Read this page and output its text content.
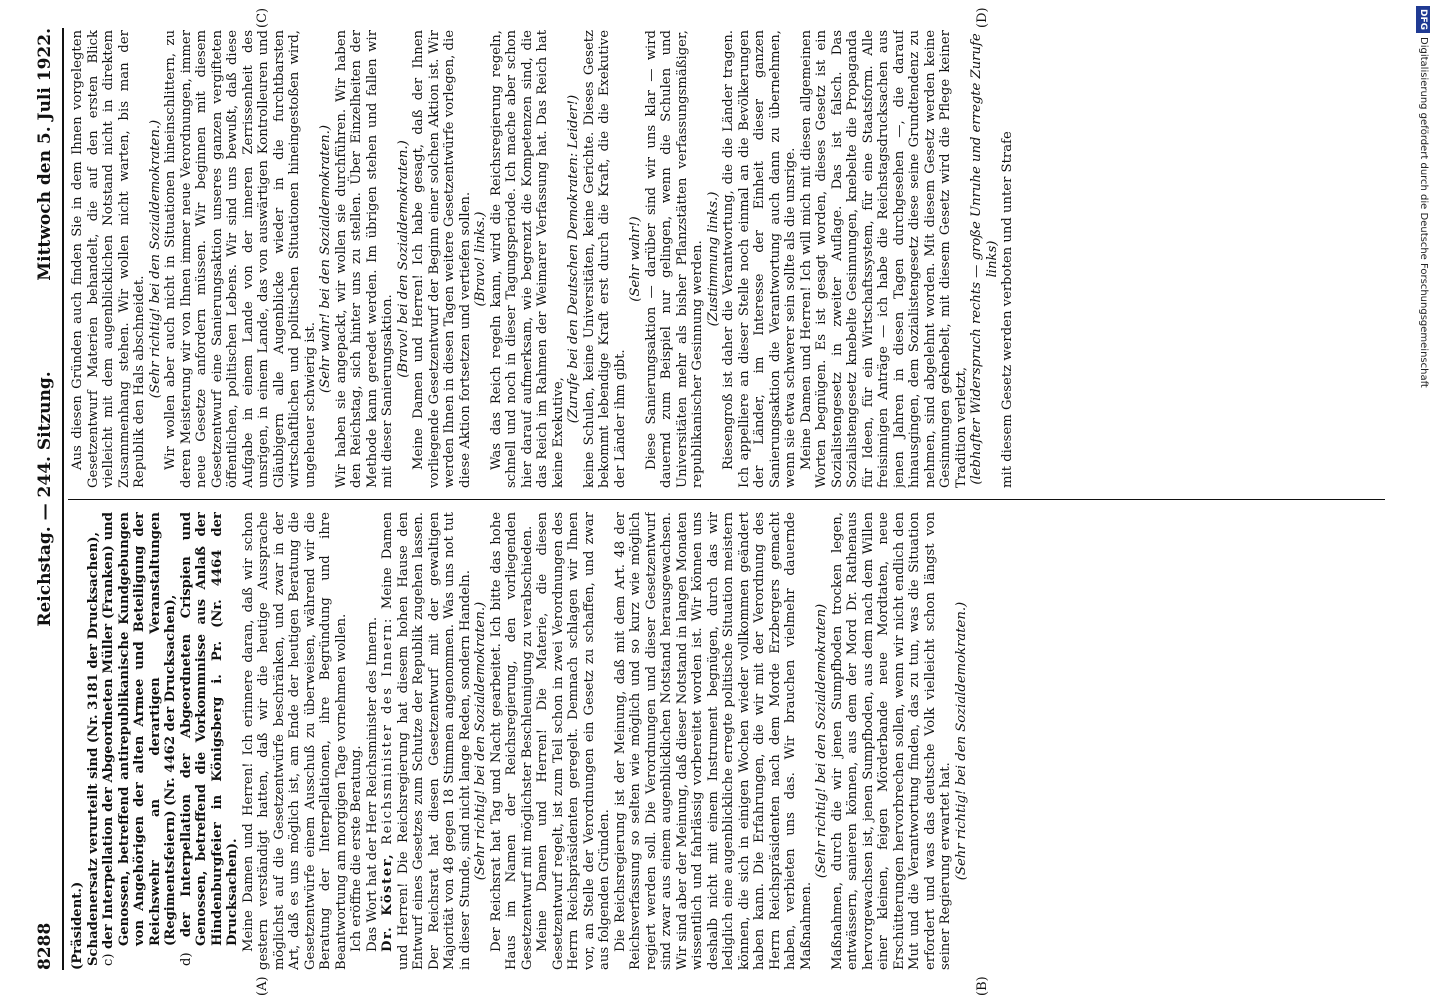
8288
Reichstag. — 244. Sitzung.
Mittwoch den 5. Juli 1922.
(A)	(B)
(C)	(D)

(Präsident.) Schadenersatz verurteilt sind (Nr. 3181 der Drucksachen), c) der Interpellation der Abgeordneten Müller (Franken) und Genossen, betreffend antirepublikanische Kundgebungen von Angehörigen der alten Armee und Beteiligung der Reichswehr an derartigen Veranstaltungen (Regimentsfeiern) (Nr. 4462 der Drucksachen),

d) der Interpellation der Abgeordneten Crispien und Genossen, betreffend die Vorkommnisse aus Anlaß der Hindenburgfeier in Königsberg i. Pr. (Nr. 4464 der Drucksachen). Meine Damen und Herren! Ich erinnere daran, daß wir schon gestern verständigt hatten, daß wir die heutige Aussprache möglichst auf die Gesetzentwürfe beschränken, und zwar in der Art, daß es uns möglich ist, am Ende der heutigen Beratung die Gesetzentwürfe einem Ausschuß zu überweisen, während wir die Beratung der Interpellationen, ihre Begründung und ihre Beantwortung am morgigen Tage vornehmen wollen. Ich eröffne die erste Beratung. Das Wort hat der Herr Reichsminister des Innern. Dr. Köster, Reichsminister des Innern: Meine Damen und Herren! Die Reichsregierung hat diesem hohen Hause den Entwurf eines Gesetzes zum Schutze der Republik zugehen lassen. Der Reichsrat hat diesen Gesetzentwurf mit der gewaltigen Majorität von 48 gegen 18 Stimmen angenommen. Was uns not tut in dieser Stunde, sind nicht lange Reden, sondern Handeln. (Sehr richtig! bei den Sozialdemokraten.) Der Reichsrat hat Tag und Nacht gearbeitet. Ich bitte das hohe Haus im Namen der Reichsregierung, den vorliegenden Gesetzentwurf mit möglichster Beschleunigung zu verabschieden. Meine Damen und Herren! Die Materie, die diesen Gesetzentwurf regelt, ist zum Teil schon in zwei Verordnungen des Herrn Reichspräsidenten geregelt. Demnach schlagen wir Ihnen vor, an Stelle der Verordnungen ein Gesetz zu schaffen, und zwar aus folgenden Gründen. Die Reichsregierung ist der Meinung, daß mit dem Art. 48 der Reichsverfassung so selten wie möglich und so kurz wie möglich regiert werden soll. Die Verordnungen und dieser Gesetzentwurf sind zwar aus einem augenblicklichen Notstand herausgewachsen. Wir sind aber der Meinung, daß dieser Notstand in langen Monaten wissentlich und fahrlässig vorbereitet worden ist. Wir können uns deshalb nicht mit einem Instrument begnügen, durch das wir lediglich eine augenblickliche erregte politische Situation meistern können, die sich in einigen Wochen wieder vollkommen geändert haben kann. Die Erfahrungen, die wir mit der Verordnung des Herrn Reichspräsidenten nach dem Morde Erzbergers gemacht haben, verbieten uns das. Wir brauchen vielmehr dauernde Maßnahmen.

(Sehr richtig! bei den Sozialdemokraten) Maßnahmen, durch die wir jenen Sumpfboden trocken legen, entwässern, sanieren können, aus dem der Mord Dr. Rathenaus hervorgewachsen ist, jenen Sumpfboden, aus dem nach dem Willen einer kleinen, feigen Mörderbande neue Mordtaten, neue Erschütterungen hervorbrechen sollen, wenn wir nicht endlich den Mut und die Verantwortung finden, das zu tun, was die Situation erfordert und was das deutsche Volk vielleicht schon längst von seiner Regierung erwartet hat. (Sehr richtig! bei den Sozialdemokraten.)

Aus diesen Gründen auch finden Sie in dem Ihnen vorgelegten Gesetzentwurf Materien behandelt, die auf den ersten Blick vielleicht mit dem augenblicklichen Notstand nicht in direktem Zusammenhang stehen. Wir wollen nicht warten, bis man der Republik den Hals abschneidet. (Sehr richtig! bei den Sozialdemokraten.) Wir wollen aber auch nicht in Situationen hineinschlittern, zu deren Meisterung wir von Ihnen immer neue Verordnungen, immer neue Gesetze anfordern müssen. Wir beginnen mit diesem Gesetzentwurf eine Sanierungsaktion unseres ganzen vergifteten öffentlichen, politischen Lebens. Wir sind uns bewußt, daß diese Aufgabe in einem Lande von der inneren Zerrissenheit des unsrigen, in einem Lande, das von auswärtigen Kontrolleuren und Gläubigern alle Augenblicke wieder in die furchtbarsten wirtschaftlichen und politischen Situationen hineingestoßen wird, ungeheuer schwierig ist.

(Sehr wahr! bei den Sozialdemokraten.) Wir haben sie angepackt, wir wollen sie durchführen. Wir haben den Reichstag, sich hinter uns zu stellen. Über Einzelheiten der Methode kann geredet werden. Im übrigen stehen und fallen wir mit dieser Sanierungsaktion.

(Bravo! bei den Sozialdemokraten.) Meine Damen und Herren! Ich habe gesagt, daß der Ihnen vorliegende Gesetzentwurf der Beginn einer solchen Aktion ist. Wir werden Ihnen in diesen Tagen weitere Gesetzentwürfe vorlegen, die diese Aktion fortsetzen und vertiefen sollen. (Bravo! links.) Was das Reich regeln kann, wird die Reichsregierung regeln, schnell und noch in dieser Tagungsperiode. Ich mache aber schon hier darauf aufmerksam, wie begrenzt die Kompetenzen sind, die das Reich im Rahmen der Weimarer Verfassung hat. Das Reich hat keine Exekutive,

(Zurufe bei den Deutschen Demokraten: Leider!) keine Schulen, keine Universitäten, keine Gerichte. Dieses Gesetz bekommt lebendige Kraft erst durch die Kraft, die die Exekutive der Länder ihm gibt.

(Sehr wahr!) Diese Sanierungsaktion — darüber sind wir uns klar — wird dauernd zum Beispiel nur gelingen, wenn die Schulen und Universitäten mehr als bisher Pflanzstätten verfassungsmäßiger, republikanischer Gesinnung werden. (Zustimmung links.) Riesengroß ist daher die Verantwortung, die die Länder tragen. Ich appelliere an dieser Stelle noch einmal an die Bevölkerungen der Länder, im Interesse der Einheit dieser ganzen Sanierungsaktion die Verantwortung auch dann zu übernehmen, wenn sie etwa schwerer sein sollte als die unsrige. Meine Damen und Herren! Ich will mich mit diesen allgemeinen Worten begnügen. Es ist gesagt worden, dieses Gesetz ist ein Sozialistengesetz in zweiter Auflage. Das ist falsch. Das Sozialistengesetz knebelte Gesinnungen, knebelte die Propaganda für Ideen, für ein Wirtschaftssystem, für eine Staatsform. Alle freisinnigen Anträge — ich habe die Reichstagsdrucksachen aus jenen Jahren in diesen Tagen durchgesehen —, die darauf hinausgingen, dem Sozialistengesetz diese seine Grundtendenz zu nehmen, sind abgelehnt worden. Mit diesem Gesetz werden keine Gesinnungen geknebelt, mit diesem Gesetz wird die Pflege keiner Tradition verletzt, (lebhafter Widerspruch rechts — große Unruhe und erregte Zurufe links) mit diesem Gesetz werden verboten und unter Strafe

DFGDigitalisierung gefördert durch die Deutsche Forschungsgemeinschaft
